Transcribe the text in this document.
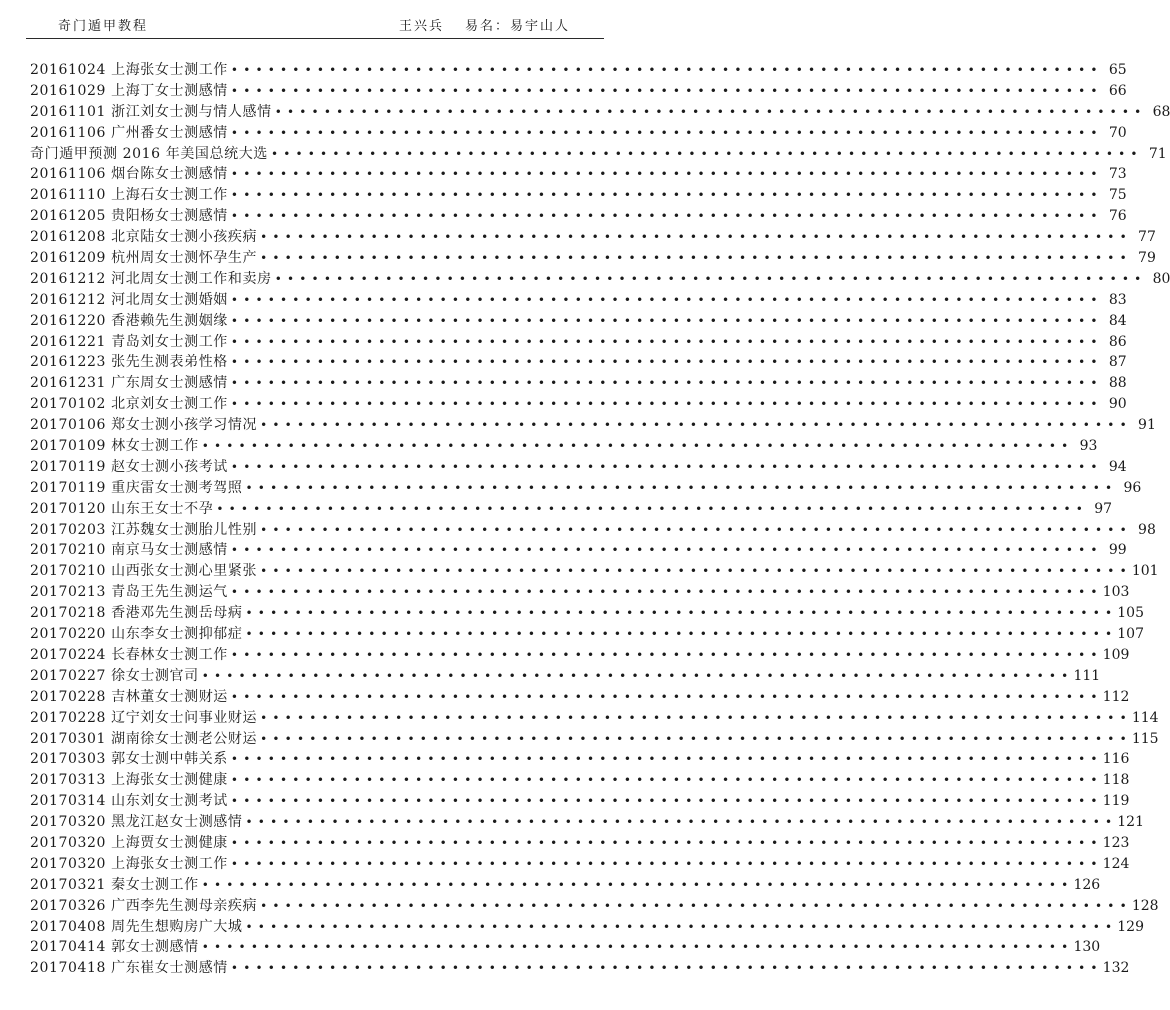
奇门遁甲教程	王兴兵 易名：易宇山人
20161024 上海张女士测工作 ••••••••••••••••••••••••••••••••••••••••••••••••••••••••••••••••••••••• 65
20161029 上海丁女士测感情 ••••••••••••••••••••••••••••••••••••••••••••••••••••••••••••••••••••••• 66
20161101 浙江刘女士测与情人感情 ••••••••••••••••••••••••••••••••••••••••••••••••••••••••••••••••••••••• 68
20161106 广州番女士测感情 ••••••••••••••••••••••••••••••••••••••••••••••••••••••••••••••••••••••• 70
奇门遁甲预测 2016 年美国总统大选 ••••••••••••••••••••••••••••••••••••••••••••••••••••••••••••••••••••••• 71
20161106 烟台陈女士测感情 ••••••••••••••••••••••••••••••••••••••••••••••••••••••••••••••••••••••• 73
20161110 上海石女士测工作 ••••••••••••••••••••••••••••••••••••••••••••••••••••••••••••••••••••••• 75
20161205 贵阳杨女士测感情 ••••••••••••••••••••••••••••••••••••••••••••••••••••••••••••••••••••••• 76
20161208 北京陆女士测小孩疾病 ••••••••••••••••••••••••••••••••••••••••••••••••••••••••••••••••••••••• 77
20161209 杭州周女士测怀孕生产 ••••••••••••••••••••••••••••••••••••••••••••••••••••••••••••••••••••••• 79
20161212 河北周女士测工作和卖房 ••••••••••••••••••••••••••••••••••••••••••••••••••••••••••••••••••••••• 80
20161212 河北周女士测婚姻 ••••••••••••••••••••••••••••••••••••••••••••••••••••••••••••••••••••••• 83
20161220 香港赖先生测姻缘 ••••••••••••••••••••••••••••••••••••••••••••••••••••••••••••••••••••••• 84
20161221 青岛刘女士测工作 ••••••••••••••••••••••••••••••••••••••••••••••••••••••••••••••••••••••• 86
20161223 张先生测表弟性格 ••••••••••••••••••••••••••••••••••••••••••••••••••••••••••••••••••••••• 87
20161231 广东周女士测感情 ••••••••••••••••••••••••••••••••••••••••••••••••••••••••••••••••••••••• 88
20170102 北京刘女士测工作 ••••••••••••••••••••••••••••••••••••••••••••••••••••••••••••••••••••••• 90
20170106 郑女士测小孩学习情况 ••••••••••••••••••••••••••••••••••••••••••••••••••••••••••••••••••••••• 91
20170109 林女士测工作 ••••••••••••••••••••••••••••••••••••••••••••••••••••••••••••••••••••••• 93
20170119 赵女士测小孩考试 ••••••••••••••••••••••••••••••••••••••••••••••••••••••••••••••••••••••• 94
20170119 重庆雷女士测考驾照 ••••••••••••••••••••••••••••••••••••••••••••••••••••••••••••••••••••••• 96
20170120 山东王女士不孕 ••••••••••••••••••••••••••••••••••••••••••••••••••••••••••••••••••••••• 97
20170203 江苏魏女士测胎儿性别 ••••••••••••••••••••••••••••••••••••••••••••••••••••••••••••••••••••••• 98
20170210 南京马女士测感情 ••••••••••••••••••••••••••••••••••••••••••••••••••••••••••••••••••••••• 99
20170210 山西张女士测心里紧张 ••••••••••••••••••••••••••••••••••••••••••••••••••••••••••••••••••••••• 101
20170213 青岛王先生测运气 ••••••••••••••••••••••••••••••••••••••••••••••••••••••••••••••••••••••• 103
20170218 香港邓先生测岳母病 ••••••••••••••••••••••••••••••••••••••••••••••••••••••••••••••••••••••• 105
20170220 山东李女士测抑郁症 ••••••••••••••••••••••••••••••••••••••••••••••••••••••••••••••••••••••• 107
20170224 长春林女士测工作 ••••••••••••••••••••••••••••••••••••••••••••••••••••••••••••••••••••••• 109
20170227 徐女士测官司 ••••••••••••••••••••••••••••••••••••••••••••••••••••••••••••••••••••••• 111
20170228 吉林董女士测财运 ••••••••••••••••••••••••••••••••••••••••••••••••••••••••••••••••••••••• 112
20170228 辽宁刘女士问事业财运 ••••••••••••••••••••••••••••••••••••••••••••••••••••••••••••••••••••••• 114
20170301 湖南徐女士测老公财运 ••••••••••••••••••••••••••••••••••••••••••••••••••••••••••••••••••••••• 115
20170303 郭女士测中韩关系 ••••••••••••••••••••••••••••••••••••••••••••••••••••••••••••••••••••••• 116
20170313 上海张女士测健康 ••••••••••••••••••••••••••••••••••••••••••••••••••••••••••••••••••••••• 118
20170314 山东刘女士测考试 ••••••••••••••••••••••••••••••••••••••••••••••••••••••••••••••••••••••• 119
20170320 黑龙江赵女士测感情 ••••••••••••••••••••••••••••••••••••••••••••••••••••••••••••••••••••••• 121
20170320 上海贾女士测健康 ••••••••••••••••••••••••••••••••••••••••••••••••••••••••••••••••••••••• 123
20170320 上海张女士测工作 ••••••••••••••••••••••••••••••••••••••••••••••••••••••••••••••••••••••• 124
20170321 秦女士测工作 ••••••••••••••••••••••••••••••••••••••••••••••••••••••••••••••••••••••• 126
20170326 广西李先生测母亲疾病 ••••••••••••••••••••••••••••••••••••••••••••••••••••••••••••••••••••••• 128
20170408 周先生想购房广大城 ••••••••••••••••••••••••••••••••••••••••••••••••••••••••••••••••••••••• 129
20170414 郭女士测感情 ••••••••••••••••••••••••••••••••••••••••••••••••••••••••••••••••••••••• 130
20170418 广东崔女士测感情 ••••••••••••••••••••••••••••••••••••••••••••••••••••••••••••••••••••••• 132
